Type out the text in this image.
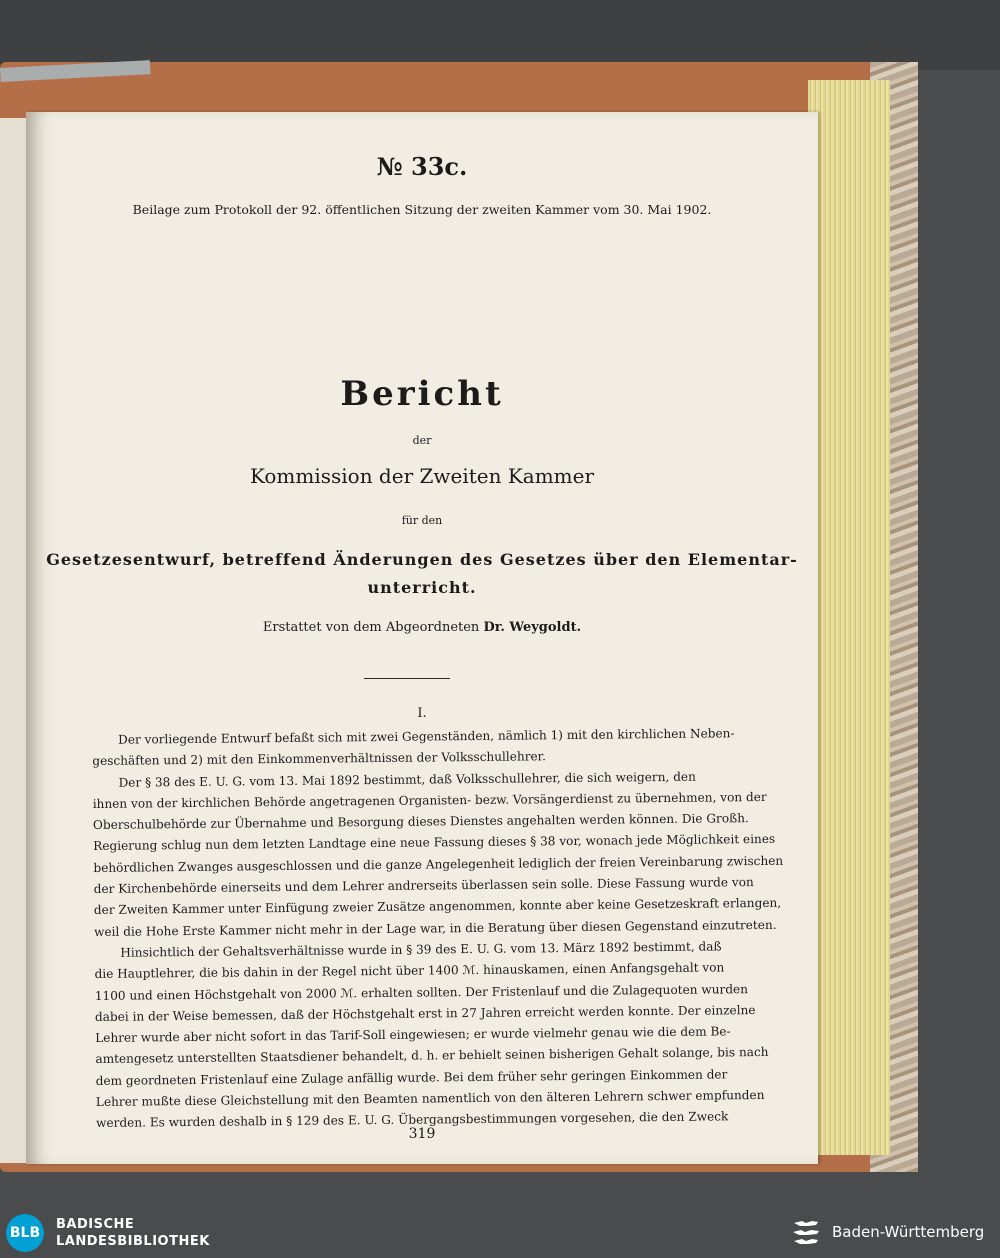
№ 33c.
Beilage zum Protokoll der 92. öffentlichen Sitzung der zweiten Kammer vom 30. Mai 1902.
Bericht
der
Kommission der Zweiten Kammer
für den
Gesetzesentwurf, betreffend Änderungen des Gesetzes über den Elementar-
unterricht.
Erstattet von dem Abgeordneten Dr. Weygoldt.
I.
Der vorliegende Entwurf befaßt sich mit zwei Gegenständen, nämlich 1) mit den kirchlichen Neben-
geschäften und 2) mit den Einkommenverhältnissen der Volksschullehrer.
Der § 38 des E. U. G. vom 13. Mai 1892 bestimmt, daß Volksschullehrer, die sich weigern, den
ihnen von der kirchlichen Behörde angetragenen Organisten- bezw. Vorsängerdienst zu übernehmen, von der
Oberschulbehörde zur Übernahme und Besorgung dieses Dienstes angehalten werden können. Die Großh.
Regierung schlug nun dem letzten Landtage eine neue Fassung dieses § 38 vor, wonach jede Möglichkeit eines
behördlichen Zwanges ausgeschlossen und die ganze Angelegenheit lediglich der freien Vereinbarung zwischen
der Kirchenbehörde einerseits und dem Lehrer andrerseits überlassen sein solle. Diese Fassung wurde von
der Zweiten Kammer unter Einfügung zweier Zusätze angenommen, konnte aber keine Gesetzeskraft erlangen,
weil die Hohe Erste Kammer nicht mehr in der Lage war, in die Beratung über diesen Gegenstand einzutreten.
Hinsichtlich der Gehaltsverhältnisse wurde in § 39 des E. U. G. vom 13. März 1892 bestimmt, daß
die Hauptlehrer, die bis dahin in der Regel nicht über 1400 ℳ. hinauskamen, einen Anfangsgehalt von
1100 und einen Höchstgehalt von 2000 ℳ. erhalten sollten. Der Fristenlauf und die Zulagequoten wurden
dabei in der Weise bemessen, daß der Höchstgehalt erst in 27 Jahren erreicht werden konnte. Der einzelne
Lehrer wurde aber nicht sofort in das Tarif-Soll eingewiesen; er wurde vielmehr genau wie die dem Be-
amtengesetz unterstellten Staatsdiener behandelt, d. h. er behielt seinen bisherigen Gehalt solange, bis nach
dem geordneten Fristenlauf eine Zulage anfällig wurde. Bei dem früher sehr geringen Einkommen der
Lehrer mußte diese Gleichstellung mit den Beamten namentlich von den älteren Lehrern schwer empfunden
werden. Es wurden deshalb in § 129 des E. U. G. Übergangsbestimmungen vorgesehen, die den Zweck
319
BLB
BADISCHE
LANDESBIBLIOTHEK
Baden-Württemberg
